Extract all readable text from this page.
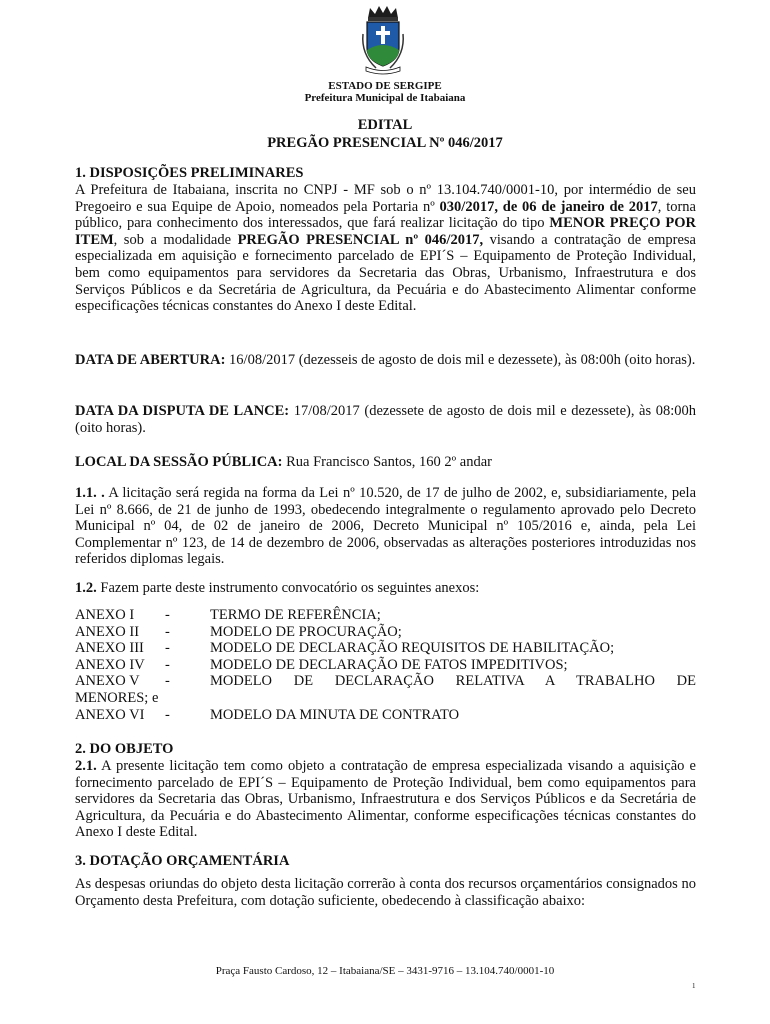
ESTADO DE SERGIPE
Prefeitura Municipal de Itabaiana
EDITAL
PREGÃO PRESENCIAL Nº 046/2017
1. DISPOSIÇÕES PRELIMINARES

A Prefeitura de Itabaiana, inscrita no CNPJ - MF sob o nº 13.104.740/0001-10, por intermédio de seu Pregoeiro e sua Equipe de Apoio, nomeados pela Portaria nº 030/2017, de 06 de janeiro de 2017, torna público, para conhecimento dos interessados, que fará realizar licitação do tipo MENOR PREÇO POR ITEM, sob a modalidade PREGÃO PRESENCIAL nº 046/2017, visando a contratação de empresa especializada em aquisição e fornecimento parcelado de EPI´S – Equipamento de Proteção Individual, bem como equipamentos para servidores da Secretaria das Obras, Urbanismo, Infraestrutura e dos Serviços Públicos e da Secretária de Agricultura, da Pecuária e do Abastecimento Alimentar conforme especificações técnicas constantes do Anexo I deste Edital.

DATA DE ABERTURA: 16/08/2017 (dezesseis de agosto de dois mil e dezessete), às 08:00h (oito horas).

DATA DA DISPUTA DE LANCE: 17/08/2017 (dezessete de agosto de dois mil e dezessete), às 08:00h (oito horas).

LOCAL DA SESSÃO PÚBLICA: Rua Francisco Santos, 160 2º andar

1.1. . A licitação será regida na forma da Lei nº 10.520, de 17 de julho de 2002, e, subsidiariamente, pela Lei nº 8.666, de 21 de junho de 1993, obedecendo integralmente o regulamento aprovado pelo Decreto Municipal nº 04, de 02 de janeiro de 2006, Decreto Municipal nº 105/2016 e, ainda, pela Lei Complementar nº 123, de 14 de dezembro de 2006, observadas as alterações posteriores introduzidas nos referidos diplomas legais.

1.2. Fazem parte deste instrumento convocatório os seguintes anexos:

ANEXO I	-	TERMO DE REFERÊNCIA;
ANEXO II	-	MODELO DE PROCURAÇÃO;
ANEXO III	-	MODELO DE DECLARAÇÃO REQUISITOS DE HABILITAÇÃO;
ANEXO IV	-	MODELO DE DECLARAÇÃO DE FATOS IMPEDITIVOS;
ANEXO V	-	MODELO DE DECLARAÇÃO RELATIVA A TRABALHO DE
MENORES; e
ANEXO VI	-	MODELO DA MINUTA DE CONTRATO
2. DO OBJETO

2.1. A presente licitação tem como objeto a contratação de empresa especializada visando a aquisição e fornecimento parcelado de EPI´S – Equipamento de Proteção Individual, bem como equipamentos para servidores da Secretaria das Obras, Urbanismo, Infraestrutura e dos Serviços Públicos e da Secretária de Agricultura, da Pecuária e do Abastecimento Alimentar, conforme especificações técnicas constantes do Anexo I deste Edital.

3. DOTAÇÃO ORÇAMENTÁRIA

As despesas oriundas do objeto desta licitação correrão à conta dos recursos orçamentários consignados no Orçamento desta Prefeitura, com dotação suficiente, obedecendo à classificação abaixo:

Praça Fausto Cardoso, 12 – Itabaiana/SE – 3431-9716 – 13.104.740/0001-10
1
